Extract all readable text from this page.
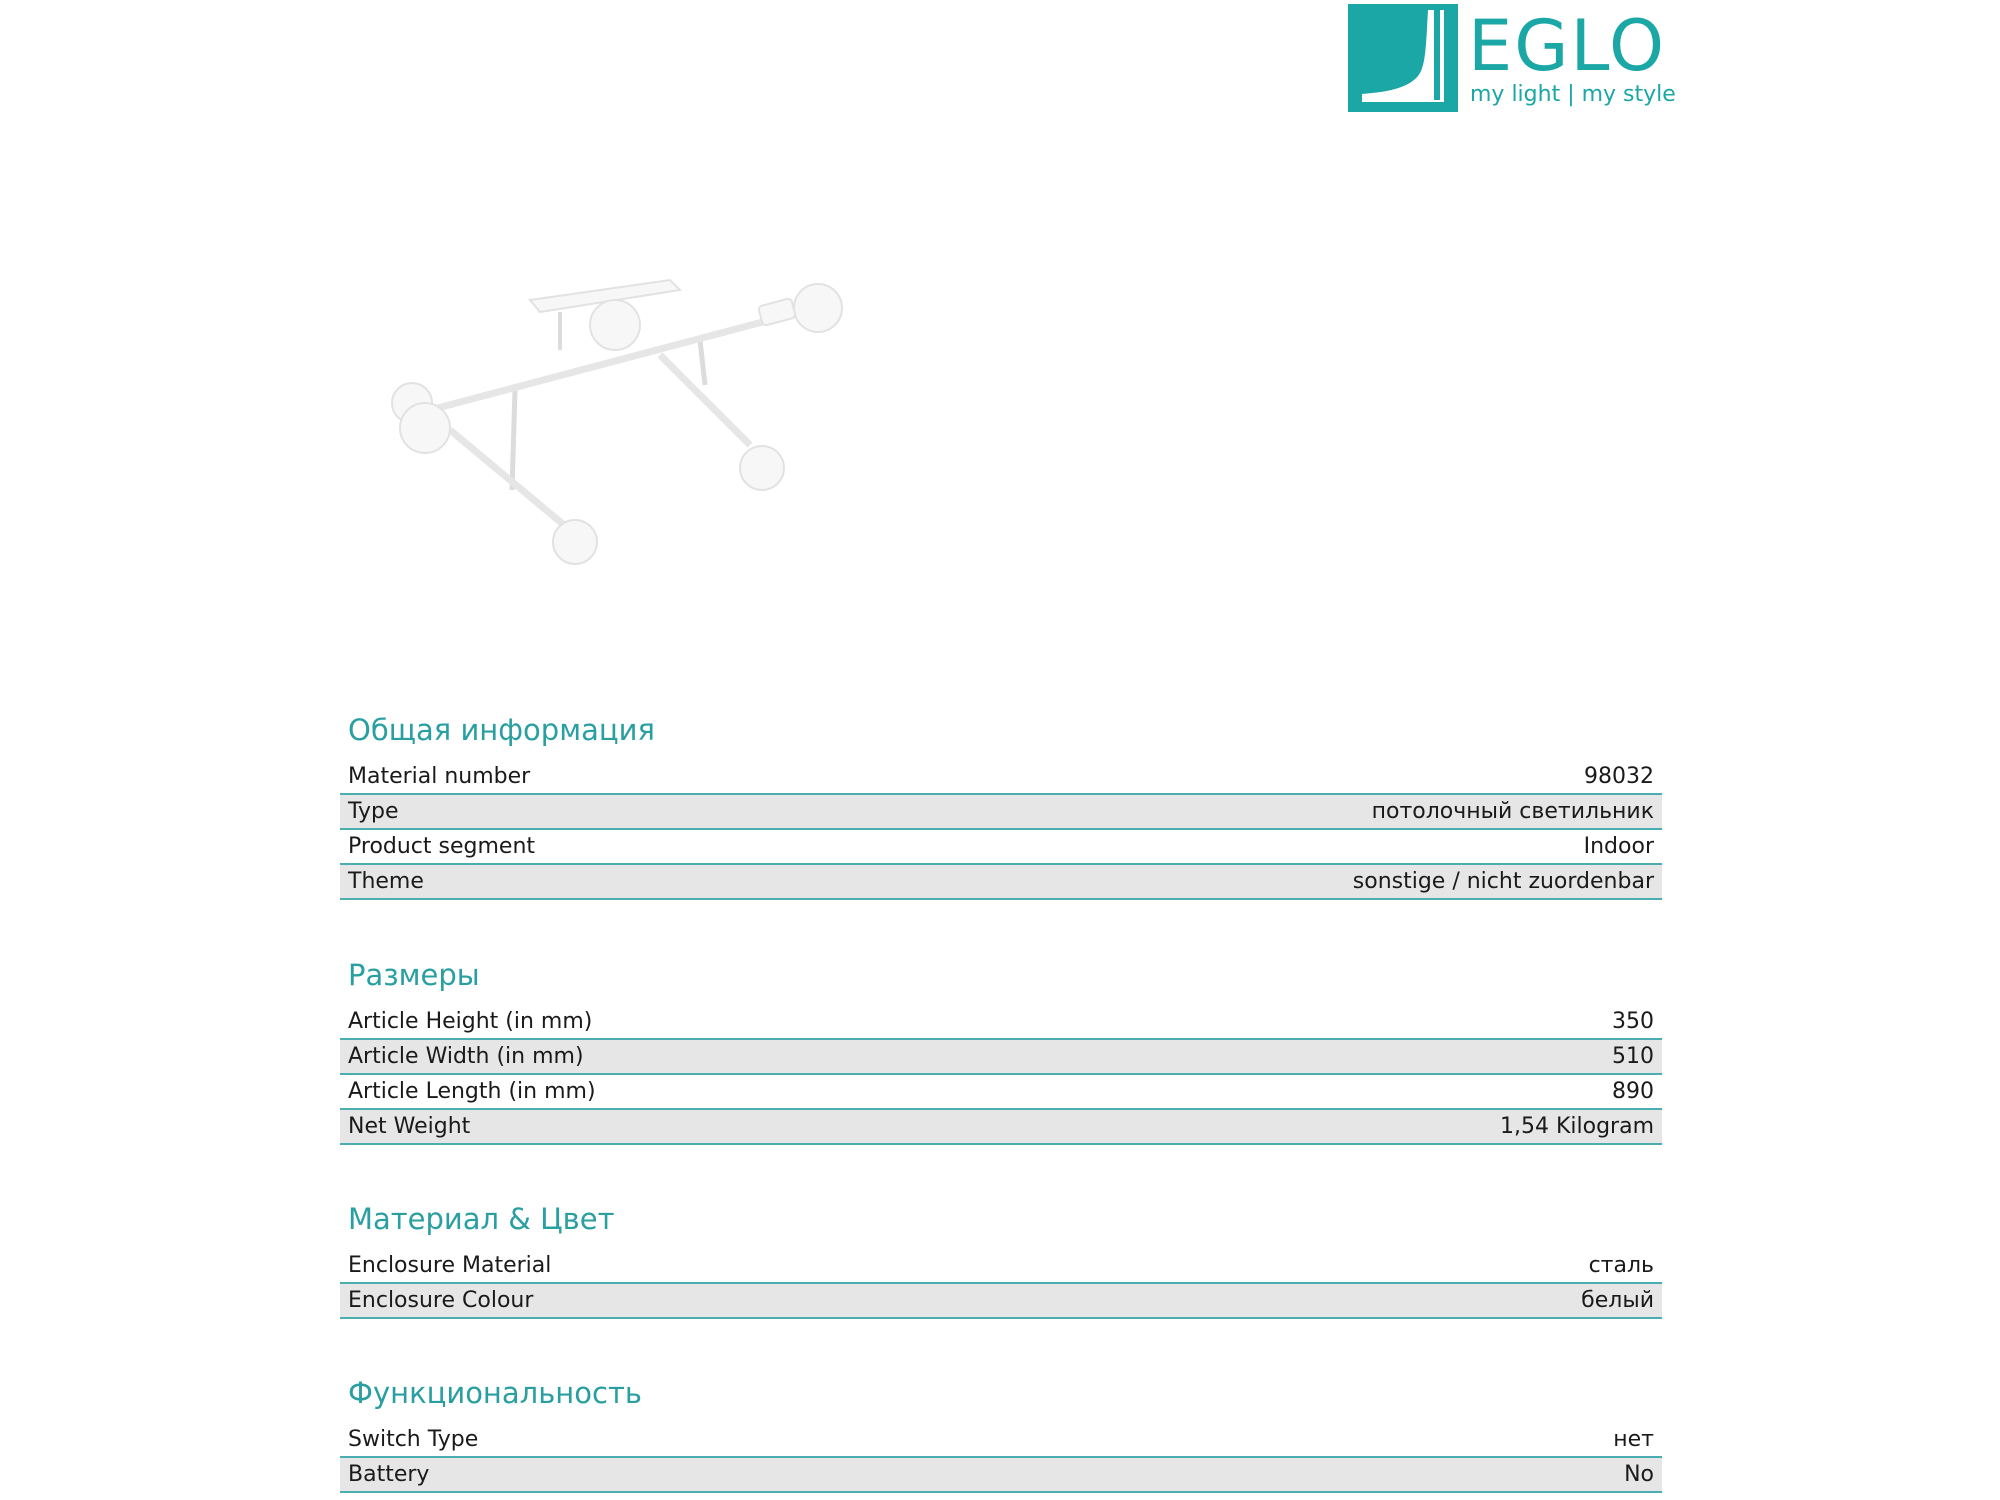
EGLO
my light | my style
Общая информация
Material number	98032
Type	потолочный светильник
Product segment	Indoor
Theme	sonstige / nicht zuordenbar
Размеры
Article Height (in mm)	350
Article Width (in mm)	510
Article Length (in mm)	890
Net Weight	1,54 Kilogram
Материал & Цвет
Enclosure Material	сталь
Enclosure Colour	белый
Функциональность
Switch Type	нет
Battery	No
